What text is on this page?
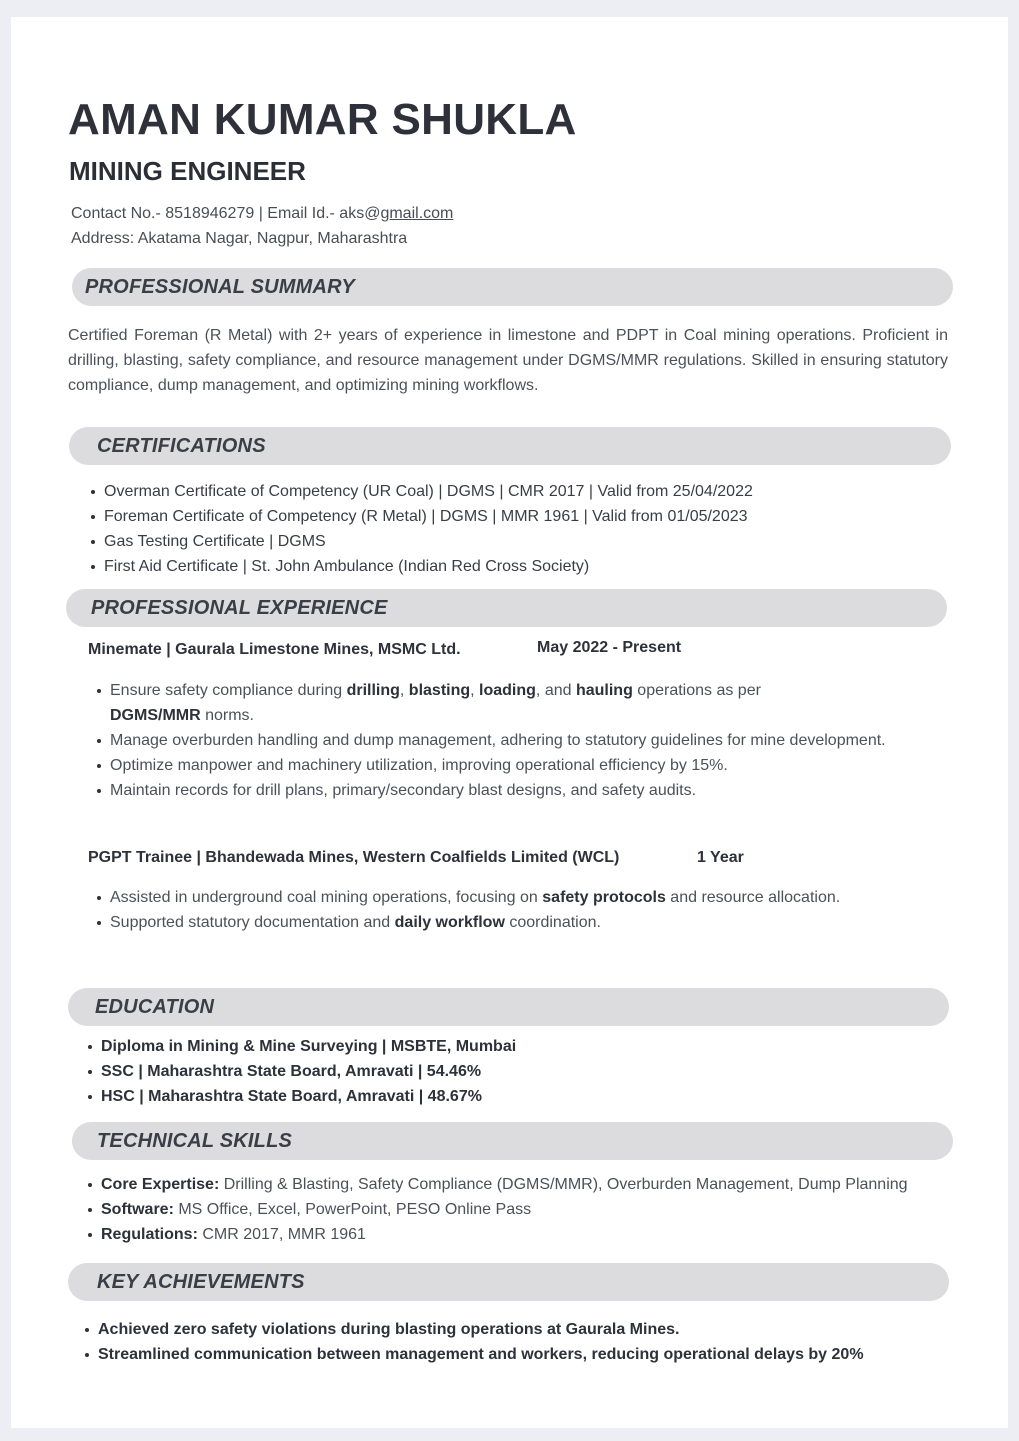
AMAN KUMAR SHUKLA
MINING ENGINEER
Contact No.- 8518946279 | Email Id.- aks@gmail.com
Address: Akatama Nagar, Nagpur, Maharashtra
PROFESSIONAL SUMMARY
Certified Foreman (R Metal) with 2+ years of experience in limestone and PDPT in Coal mining operations. Proficient in drilling, blasting, safety compliance, and resource management under DGMS/MMR regulations. Skilled in ensuring statutory compliance, dump management, and optimizing mining workflows.
CERTIFICATIONS
Overman Certificate of Competency (UR Coal) | DGMS | CMR 2017 | Valid from 25/04/2022
Foreman Certificate of Competency (R Metal) | DGMS | MMR 1961 | Valid from 01/05/2023
Gas Testing Certificate | DGMS
First Aid Certificate | St. John Ambulance (Indian Red Cross Society)
PROFESSIONAL EXPERIENCE
Minemate | Gaurala Limestone Mines, MSMC Ltd.	May 2022 - Present
Ensure safety compliance during drilling, blasting, loading, and hauling operations as per
DGMS/MMR norms.
Manage overburden handling and dump management, adhering to statutory guidelines for mine development.
Optimize manpower and machinery utilization, improving operational efficiency by 15%.
Maintain records for drill plans, primary/secondary blast designs, and safety audits.
PGPT Trainee | Bhandewada Mines, Western Coalfields Limited (WCL)	1 Year
Assisted in underground coal mining operations, focusing on safety protocols and resource allocation.
Supported statutory documentation and daily workflow coordination.
EDUCATION
Diploma in Mining & Mine Surveying | MSBTE, Mumbai
SSC | Maharashtra State Board, Amravati | 54.46%
HSC | Maharashtra State Board, Amravati | 48.67%
TECHNICAL SKILLS
Core Expertise: Drilling & Blasting, Safety Compliance (DGMS/MMR), Overburden Management, Dump Planning
Software: MS Office, Excel, PowerPoint, PESO Online Pass
Regulations: CMR 2017, MMR 1961
KEY ACHIEVEMENTS
Achieved zero safety violations during blasting operations at Gaurala Mines.
Streamlined communication between management and workers, reducing operational delays by 20%
